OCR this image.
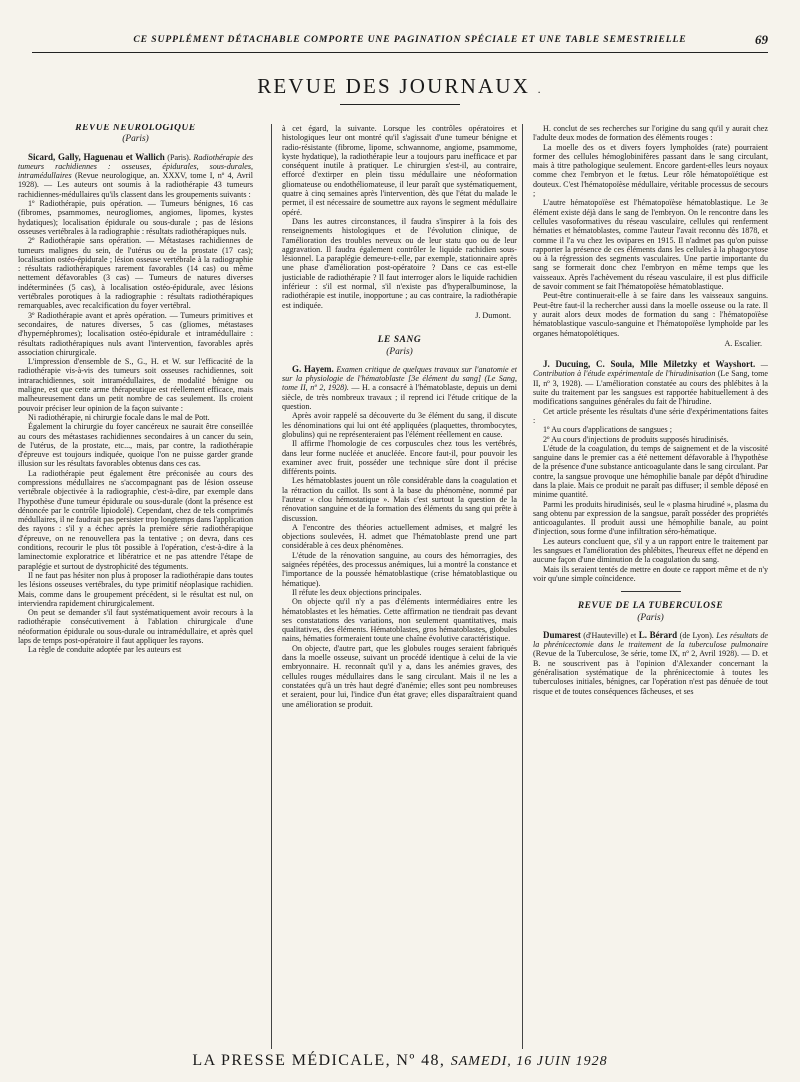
CE SUPPLÉMENT DÉTACHABLE COMPORTE UNE PAGINATION SPÉCIALE ET UNE TABLE SEMESTRIELLE	69
REVUE DES JOURNAUX .

REVUE NEUROLOGIQUE

(Paris)

Sicard, Gally, Haguenau et Wallich (Paris). Radiothérapie des tumeurs rachidiennes : osseuses, épidurales, sous-durales, intramédullaires (Revue neurologique, an. XXXV, tome I, nº 4, Avril 1928). — Les auteurs ont soumis à la radiothérapie 43 tumeurs rachidiennes-médullaires qu'ils classent dans les groupements suivants :

1º Radiothérapie, puis opération. — Tumeurs bénignes, 16 cas (fibromes, psammomes, neurogliomes, angiomes, lipomes, kystes hydatiques); localisation épidurale ou sous-durale ; pas de lésions osseuses vertébrales à la radiographie : résultats radiothérapiques nuls.

2º Radiothérapie sans opération. — Métastases rachidiennes de tumeurs malignes du sein, de l'utérus ou de la prostate (17 cas); localisation ostéo-épidurale ; lésion osseuse vertébrale à la radiographie : résultats radiothérapiques rarement favorables (14 cas) ou même nettement défavorables (3 cas) — Tumeurs de natures diverses indéterminées (5 cas), à localisation ostéo-épidurale, avec lésions vertébrales porotiques à la radiographie : résultats radiothérapiques remarquables, avec recalcification du foyer vertébral.

3º Radiothérapie avant et après opération. — Tumeurs primitives et secondaires, de natures diverses, 5 cas (gliomes, métastases d'hypernéphromes); localisation ostéo-épidurale et intramédullaire : résultats radiothérapiques nuls avant l'intervention, favorables après association chirurgicale.

L'impression d'ensemble de S., G., H. et W. sur l'efficacité de la radiothérapie vis-à-vis des tumeurs soit osseuses rachidiennes, soit intrarachidiennes, soit intramédullaires, de modalité bénigne ou maligne, est que cette arme thérapeutique est réellement efficace, mais malheureusement dans un petit nombre de cas seulement. Ils croient pouvoir préciser leur opinion de la façon suivante :

Ni radiothérapie, ni chirurgie focale dans le mal de Pott.

Également la chirurgie du foyer cancéreux ne saurait être conseillée au cours des métastases rachidiennes secondaires à un cancer du sein, de l'utérus, de la prostate, etc..., mais, par contre, la radiothérapie d'épreuve est toujours indiquée, quoique l'on ne puisse garder grande illusion sur les résultats favorables obtenus dans ces cas.

La radiothérapie peut également être préconisée au cours des compressions médullaires ne s'accompagnant pas de lésion osseuse vertébrale objectivée à la radiographie, c'est-à-dire, par exemple dans l'hypothèse d'une tumeur épidurale ou sous-durale (dont la présence est dénoncée par le contrôle lipiodolé). Cependant, chez de tels comprimés médullaires, il ne faudrait pas persister trop longtemps dans l'application des rayons : s'il y a échec après la première série radiothérapique d'épreuve, on ne renouvellera pas la tentative ; on devra, dans ces conditions, recourir le plus tôt possible à l'opération, c'est-à-dire à la laminectomie exploratrice et libératrice et ne pas attendre l'étape de paraplégie et surtout de dystrophicité des téguments.

Il ne faut pas hésiter non plus à proposer la radiothérapie dans toutes les lésions osseuses vertébrales, du type primitif néoplasique rachidien. Mais, comme dans le groupement précédent, si le résultat est nul, on interviendra rapidement chirurgicalement.

On peut se demander s'il faut systématiquement avoir recours à la radiothérapie consécutivement à l'ablation chirurgicale d'une néoformation épidurale ou sous-durale ou intramédullaire, et après quel laps de temps post-opératoire il faut appliquer les rayons.

La règle de conduite adoptée par les auteurs est

à cet égard, la suivante. Lorsque les contrôles opératoires et histologiques leur ont montré qu'il s'agissait d'une tumeur bénigne et radio-résistante (fibrome, lipome, schwannome, angiome, psammome, kyste hydatique), la radiothérapie leur a toujours paru inefficace et par conséquent inutile à pratiquer. Le chirurgien s'est-il, au contraire, efforcé d'extirper en plein tissu médullaire une néoformation gliomateuse ou endothéliomateuse, il leur paraît que systématiquement, quatre à cinq semaines après l'intervention, dès que l'état du malade le permet, il est nécessaire de soumettre aux rayons le segment médullaire opéré.

Dans les autres circonstances, il faudra s'inspirer à la fois des renseignements histologiques et de l'évolution clinique, de l'amélioration des troubles nerveux ou de leur statu quo ou de leur aggravation. Il faudra également contrôler le liquide rachidien sous-lésionnel. La paraplégie demeure-t-elle, par exemple, stationnaire après une phase d'amélioration post-opératoire ? Dans ce cas est-elle justiciable de radiothérapie ? Il faut interroger alors le liquide rachidien inférieur : s'il est normal, s'il n'existe pas d'hyperalbuminose, la radiothérapie est inutile, inopportune ; au cas contraire, la radiothérapie est indiquée.

J. Dumont.

LE SANG

(Paris)

G. Hayem. Examen critique de quelques travaux sur l'anatomie et sur la physiologie de l'hématoblaste [3e élément du sang] (Le Sang, tome II, nº 2, 1928). — H. a consacré à l'hématoblaste, depuis un demi siècle, de très nombreux travaux ; il reprend ici l'étude critique de la question.

Après avoir rappelé sa découverte du 3e élément du sang, il discute les dénominations qui lui ont été appliquées (plaquettes, thrombocytes, globulins) qui ne représenteraient pas l'élément réellement en cause.

Il affirme l'homologie de ces corpuscules chez tous les vertébrés, dans leur forme nucléée et anucléée. Encore faut-il, pour pouvoir les examiner avec fruit, posséder une technique sûre dont il précise différents points.

Les hématoblastes jouent un rôle considérable dans la coagulation et la rétraction du caillot. Ils sont à la base du phénomène, nommé par l'auteur « clou hémostatique ». Mais c'est surtout la question de la rénovation sanguine et de la formation des éléments du sang qui prête à discussion.

A l'encontre des théories actuellement admises, et malgré les objections soulevées, H. admet que l'hématoblaste prend une part considérable à ces deux phénomènes.

L'étude de la rénovation sanguine, au cours des hémorragies, des saignées répétées, des processus anémiques, lui a montré la constance et l'importance de la poussée hématoblastique (crise hématoblastique ou hématique).

Il réfute les deux objections principales.

On objecte qu'il n'y a pas d'éléments intermédiaires entre les hématoblastes et les hématies. Cette affirmation ne tiendrait pas devant ses constatations des variations, non seulement quantitatives, mais qualitatives, des éléments. Hématoblastes, gros hématoblastes, globules nains, hématies formeraient toute une chaîne évolutive caractéristique.

On objecte, d'autre part, que les globules rouges seraient fabriqués dans la moelle osseuse, suivant un procédé identique à celui de la vie embryonnaire. H. reconnaît qu'il y a, dans les anémies graves, des cellules rouges médullaires dans le sang circulant. Mais il ne les a constatées qu'à un très haut degré d'anémie; elles sont peu nombreuses et seraient, pour lui, l'indice d'un état grave; elles disparaîtraient quand une amélioration se produit.

H. conclut de ses recherches sur l'origine du sang qu'il y aurait chez l'adulte deux modes de formation des éléments rouges :

La moelle des os et divers foyers lymphoïdes (rate) pourraient former des cellules hémoglobinifères passant dans le sang circulant, mais à titre pathologique seulement. Encore gardent-elles leurs noyaux comme chez l'embryon et le fœtus. Leur rôle hématopoïétique est douteux. C'est l'hématopoïèse médullaire, véritable processus de secours ;

L'autre hématopoïèse est l'hématopoïèse hématoblastique. Le 3e élément existe déjà dans le sang de l'embryon. On le rencontre dans les cellules vasoformatives du réseau vasculaire, cellules qui renferment hématies et hématoblastes, comme l'auteur l'avait reconnu dès 1878, et comme il l'a vu chez les ovipares en 1915. Il n'admet pas qu'on puisse rapporter la présence de ces éléments dans les cellules à la phagocytose ou à la régression des segments vasculaires. Une partie importante du sang se formerait donc chez l'embryon en même temps que les vaisseaux. Après l'achèvement du réseau vasculaire, il est plus difficile de savoir comment se fait l'hématopoïèse hématoblastique.

Peut-être continuerait-elle à se faire dans les vaisseaux sanguins. Peut-être faut-il la rechercher aussi dans la moelle osseuse ou la rate. Il y aurait alors deux modes de formation du sang : l'hématopoïèse hématoblastique vasculo-sanguine et l'hématopoïèse lymphoïde par les organes hématopoïétiques.

A. Escalier.

J. Ducuing, C. Soula, Mlle Miletzky et Wayshort. — Contribution à l'étude expérimentale de l'hirudinisation (Le Sang, tome II, nº 3, 1928). — L'amélioration constatée au cours des phlébites à la suite du traitement par les sangsues est rapportée habituellement à des modifications sanguines générales du fait de l'hirudine.

Cet article présente les résultats d'une série d'expérimentations faites :

1º Au cours d'applications de sangsues ;

2º Au cours d'injections de produits supposés hirudinisés.

L'étude de la coagulation, du temps de saignement et de la viscosité sanguine dans le premier cas a été nettement défavorable à l'hypothèse de la présence d'une substance anticoagulante dans le sang circulant. Par contre, la sangsue provoque une hémophilie banale par dépôt d'hirudine dans la plaie. Mais ce produit ne paraît pas diffuser; il semble déposé en minime quantité.

Parmi les produits hirudinisés, seul le « plasma hirudiné », plasma du sang obtenu par expression de la sangsue, paraît posséder des propriétés anticoagulantes. Il produit aussi une hémophilie banale, au point d'injection, sous forme d'une infiltration séro-hématique.

Les auteurs concluent que, s'il y a un rapport entre le traitement par les sangsues et l'amélioration des phlébites, l'heureux effet ne dépend en aucune façon d'une diminution de la coagulation du sang.

Mais ils seraient tentés de mettre en doute ce rapport même et de n'y voir qu'une simple coïncidence.

REVUE DE LA TUBERCULOSE

(Paris)

Dumarest (d'Hauteville) et L. Bérard (de Lyon). Les résultats de la phrénicectomie dans le traitement de la tuberculose pulmonaire (Revue de la Tuberculose, 3e série, tome IX, nº 2, Avril 1928). — D. et B. ne souscrivent pas à l'opinion d'Alexander concernant la généralisation systématique de la phrénicectomie à toutes les tuberculoses initiales, bénignes, car l'opération n'est pas dénuée de tout risque et de toutes conséquences fâcheuses, et ses

LA PRESSE MÉDICALE, Nº 48, SAMEDI, 16 JUIN 1928
